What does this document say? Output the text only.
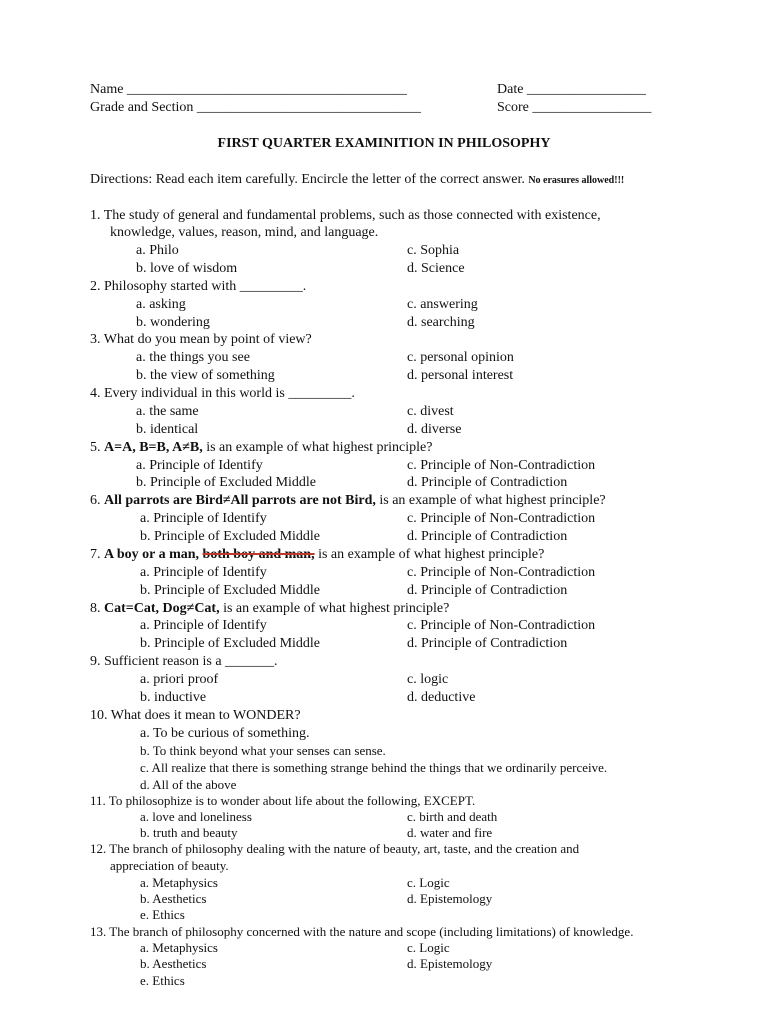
Name ________________________________________
Grade and Section ________________________________
Date _________________
Score _________________
FIRST QUARTER EXAMINITION IN PHILOSOPHY
Directions: Read each item carefully. Encircle the letter of the correct answer. No erasures allowed!!!
1. The study of general and fundamental problems, such as those connected with existence,
knowledge, values, reason, mind, and language.
a. Philo	c. Sophia
b. love of wisdom	d. Science
2. Philosophy started with _________.
a. asking	c. answering
b. wondering	d. searching
3. What do you mean by point of view?
a. the things you see	c. personal opinion
b. the view of something	d. personal interest
4. Every individual in this world is _________.
a. the same	c. divest
b. identical	d. diverse
5. A=A, B=B, A≠B, is an example of what highest principle?
a. Principle of Identify	c. Principle of Non-Contradiction
b. Principle of Excluded Middle	d. Principle of Contradiction
6. All parrots are Bird≠All parrots are not Bird, is an example of what highest principle?
a. Principle of Identify	c. Principle of Non-Contradiction
b. Principle of Excluded Middle	d. Principle of Contradiction
7. A boy or a man, both boy and man, is an example of what highest principle?
a. Principle of Identify	c. Principle of Non-Contradiction
b. Principle of Excluded Middle	d. Principle of Contradiction
8. Cat=Cat, Dog≠Cat, is an example of what highest principle?
a. Principle of Identify	c. Principle of Non-Contradiction
b. Principle of Excluded Middle	d. Principle of Contradiction
9. Sufficient reason is a _______.
a. priori proof	c. logic
b. inductive	d. deductive
10. What does it mean to WONDER?
a. To be curious of something.
b. To think beyond what your senses can sense.
c. All realize that there is something strange behind the things that we ordinarily perceive.
d. All of the above
11. To philosophize is to wonder about life about the following, EXCEPT.
a. love and loneliness	c. birth and death
b. truth and beauty	d. water and fire
12. The branch of philosophy dealing with the nature of beauty, art, taste, and the creation and
appreciation of beauty.
a. Metaphysics	c. Logic
b. Aesthetics	d. Epistemology
e. Ethics
13. The branch of philosophy concerned with the nature and scope (including limitations) of knowledge.
a. Metaphysics	c. Logic
b. Aesthetics	d. Epistemology
e. Ethics
